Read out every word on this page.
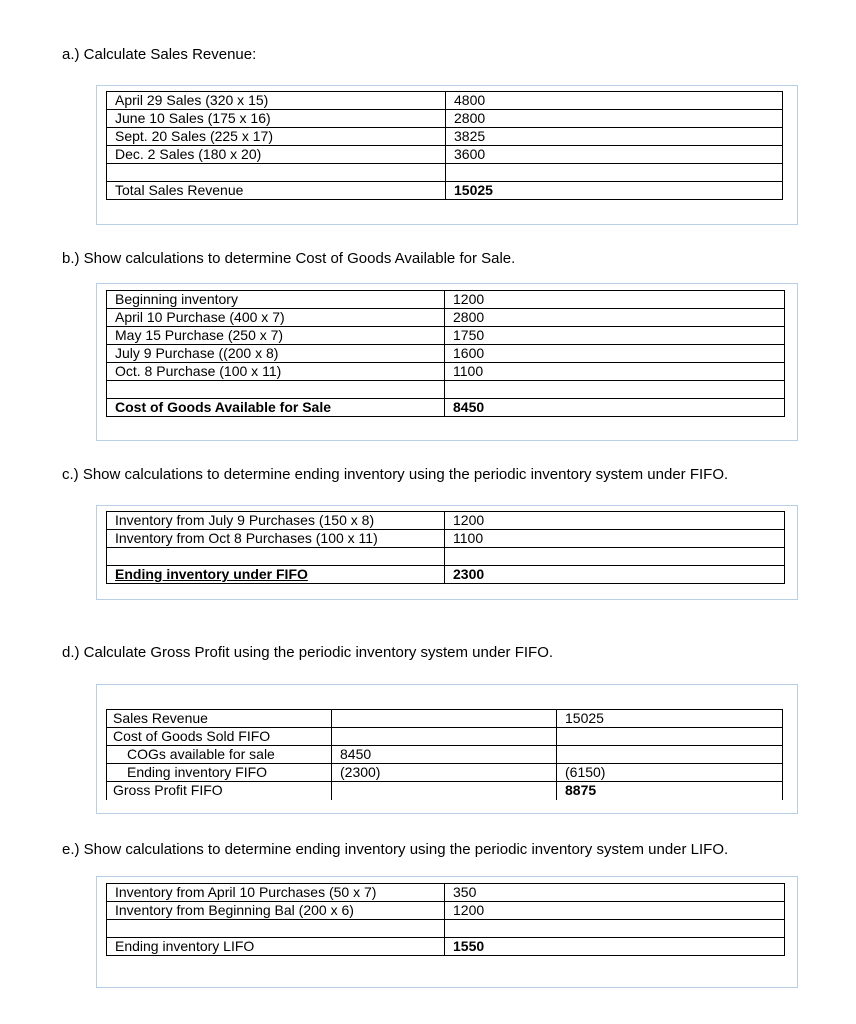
a.) Calculate Sales Revenue:
April 29 Sales (320 x 15)	4800
June 10 Sales (175 x 16)	2800
Sept. 20 Sales (225 x 17)	3825
Dec. 2 Sales (180 x 20)	3600

Total Sales Revenue	15025
b.) Show calculations to determine Cost of Goods Available for Sale.
Beginning inventory	1200
April 10 Purchase (400 x 7)	2800
May 15 Purchase (250 x 7)	1750
July 9 Purchase ((200 x 8)	1600
Oct. 8 Purchase (100 x 11)	1100

Cost of Goods Available for Sale	8450
c.) Show calculations to determine ending inventory using the periodic inventory system under FIFO.
Inventory from July 9 Purchases (150 x 8)	1200
Inventory from Oct 8 Purchases (100 x 11)	1100

Ending inventory under FIFO	2300
d.) Calculate Gross Profit using the periodic inventory system under FIFO.
Sales Revenue		15025
Cost of Goods Sold FIFO		
COGs available for sale	8450	
Ending inventory FIFO	(2300)	(6150)
Gross Profit FIFO		8875
e.) Show calculations to determine ending inventory using the periodic inventory system under LIFO.
Inventory from April 10 Purchases (50 x 7)	350
Inventory from Beginning Bal (200 x 6)	1200

Ending inventory LIFO	1550
